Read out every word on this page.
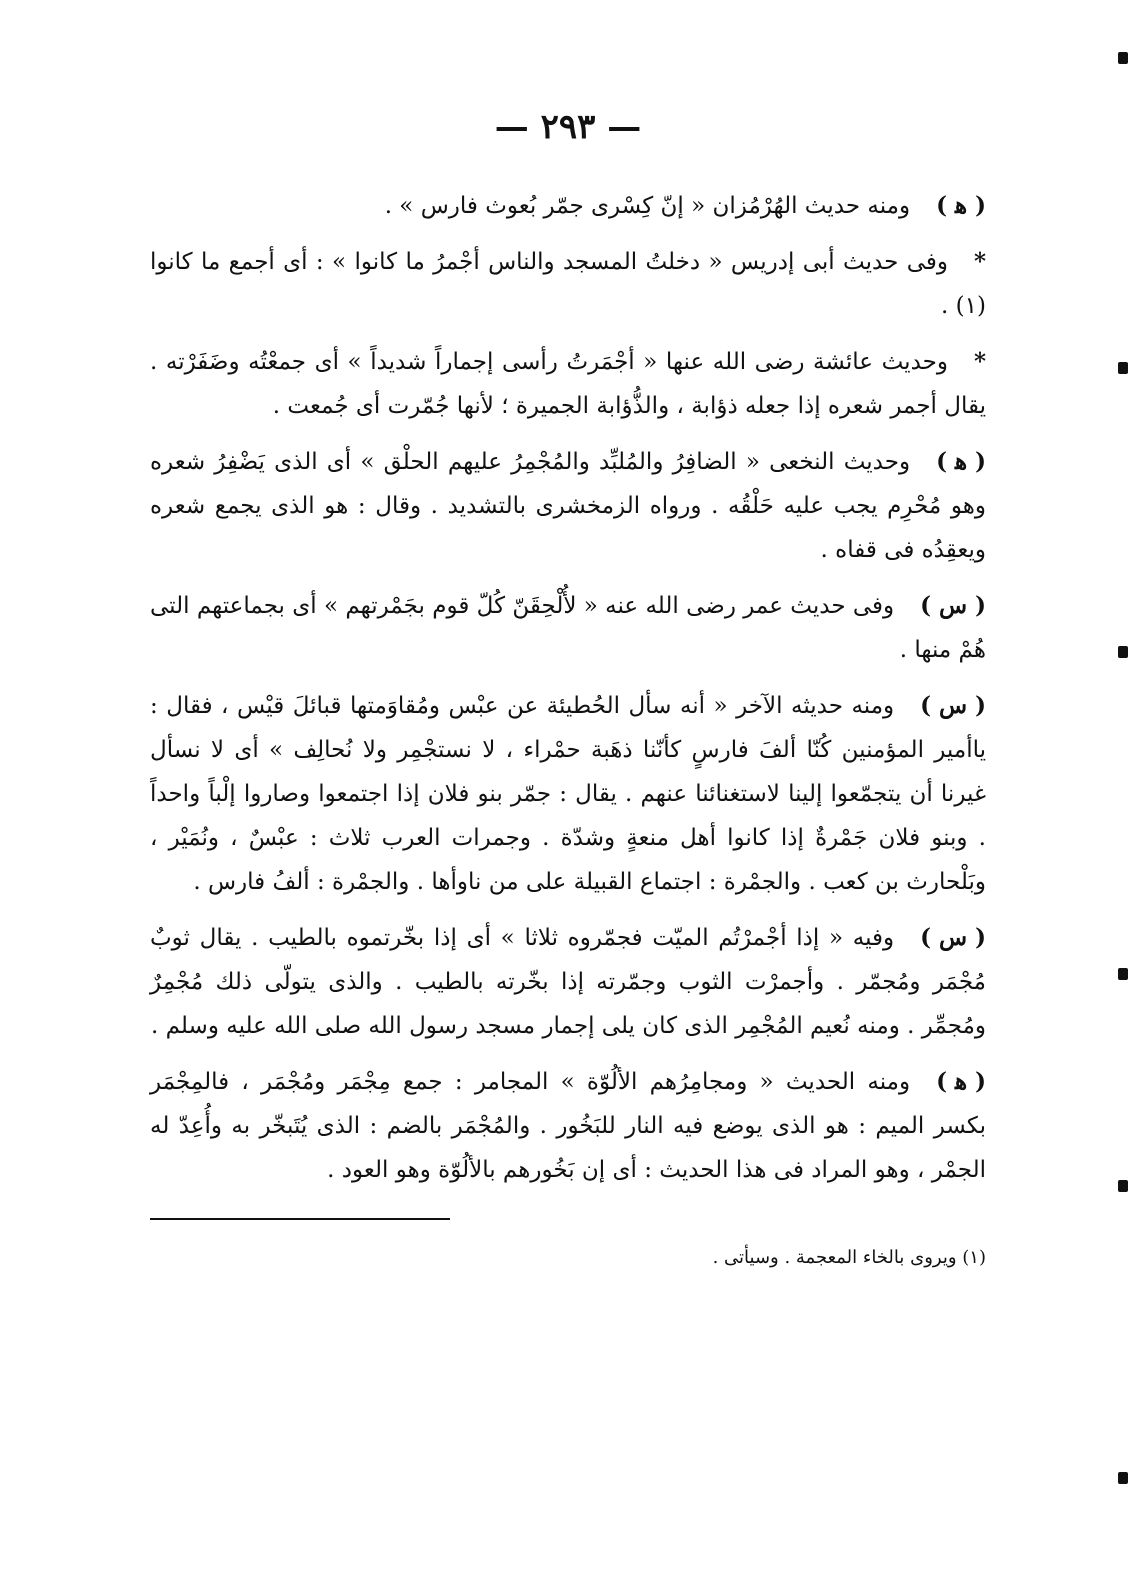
— ٢٩٣ —

( ﻫ )ومنه حديث الهُرْمُزان « إنّ كِسْرى جمّر بُعوث فارس » .

*وفى حديث أبى إدريس « دخلتُ المسجد والناس أجْمرُ ما كانوا » : أى أجمع ما كانوا (١) .

*وحديث عائشة رضى الله عنها « أجْمَرتُ رأسى إجماراً شديداً » أى جمعْتُه وضَفَرْته . يقال أجمر شعره إذا جعله ذؤابة ، والذُّؤابة الجميرة ؛ لأنها جُمّرت أى جُمعت .

( ﻫ )وحديث النخعى « الضافِرُ والمُلبِّد والمُجْمِرُ عليهم الحلْق » أى الذى يَضْفِرُ شعره وهو مُحْرِم يجب عليه حَلْقُه . ورواه الزمخشرى بالتشديد . وقال : هو الذى يجمع شعره ويعقِدُه فى قفاه .

( س )وفى حديث عمر رضى الله عنه « لأُلْحِقَنّ كُلّ قوم بجَمْرتهم » أى بجماعتهم التى هُمْ منها .

( س )ومنه حديثه الآخر « أنه سأل الحُطيئة عن عبْس ومُقاوَمتها قبائلَ قيْس ، فقال : ياأمير المؤمنين كُنّا ألفَ فارسٍ كأنّنا ذهَبة حمْراء ، لا نستجْمِر ولا نُحالِف » أى لا نسأل غيرنا أن يتجمّعوا إلينا لاستغنائنا عنهم . يقال : جمّر بنو فلان إذا اجتمعوا وصاروا إلْباً واحداً . وبنو فلان جَمْرةٌ إذا كانوا أهل منعةٍ وشدّة . وجمرات العرب ثلاث : عبْسٌ ، ونُمَيْر ، وبَلْحارث بن كعب . والجمْرة : اجتماع القبيلة على من ناوأها . والجمْرة : ألفُ فارس .

( س )وفيه « إذا أجْمرْتُم الميّت فجمّروه ثلاثا » أى إذا بخّرتموه بالطيب . يقال ثوبٌ مُجْمَر ومُجمّر . وأجمرْت الثوب وجمّرته إذا بخّرته بالطيب . والذى يتولّى ذلك مُجْمِرٌ ومُجمِّر . ومنه نُعيم المُجْمِر الذى كان يلى إجمار مسجد رسول الله صلى الله عليه وسلم .

( ﻫ )ومنه الحديث « ومجامِرُهم الألُوّة » المجامر : جمع مِجْمَر ومُجْمَر ، فالمِجْمَر بكسر الميم : هو الذى يوضع فيه النار للبَخُور . والمُجْمَر بالضم : الذى يُتَبخّر به وأُعِدّ له الجمْر ، وهو المراد فى هذا الحديث : أى إن بَخُورهم بالألُوّة وهو العود .

(١) ويروى بالخاء المعجمة . وسيأتى .
